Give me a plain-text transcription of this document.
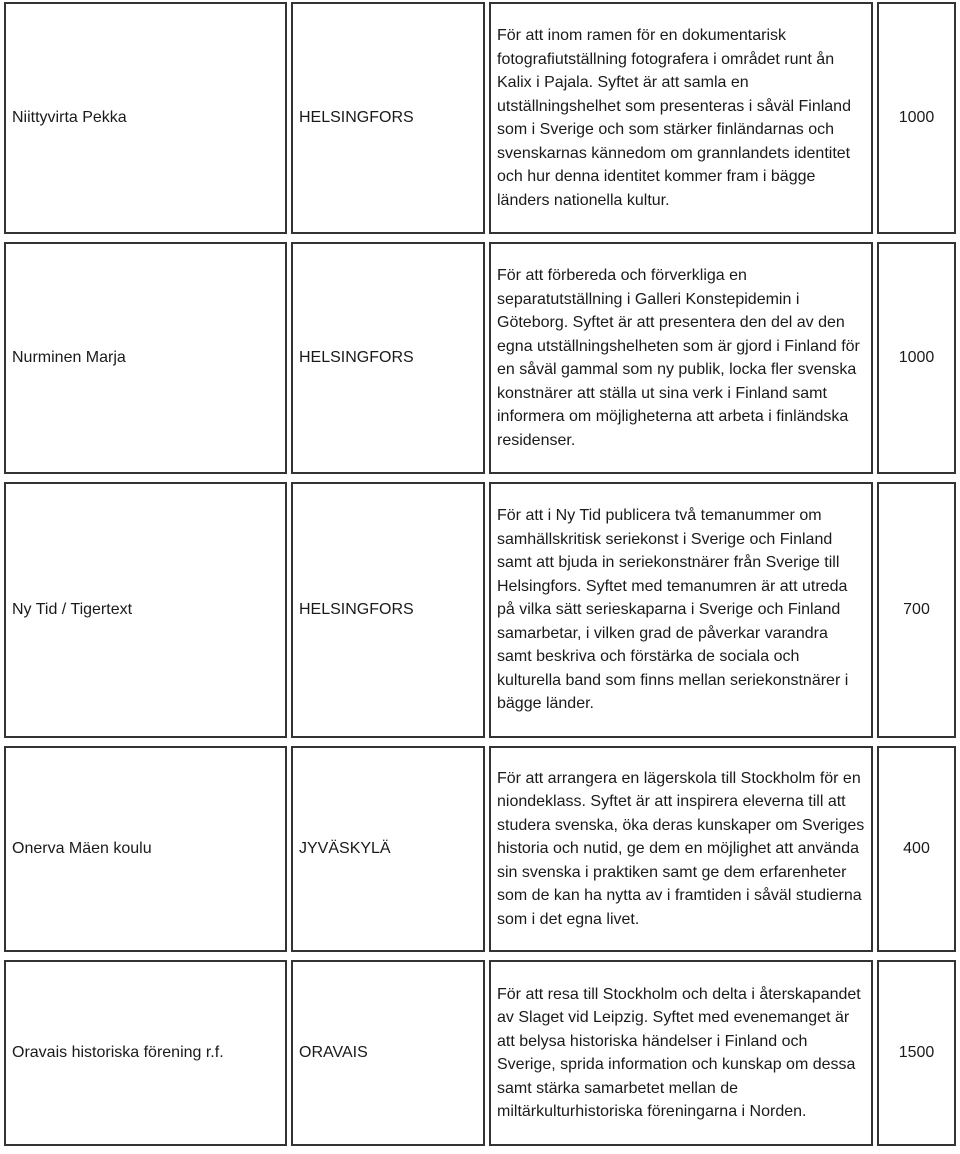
Niittyvirta Pekka	HELSINGFORS	För att inom ramen för en dokumentarisk fotografiutställning fotografera i området runt ån Kalix i Pajala. Syftet är att samla en utställningshelhet som presenteras i såväl Finland som i Sverige och som stärker finländarnas och svenskarnas kännedom om grannlandets identitet och hur denna identitet kommer fram i bägge länders nationella kultur.	1000
Nurminen Marja	HELSINGFORS	För att förbereda och förverkliga en separatutställning i Galleri Konstepidemin i Göteborg. Syftet är att presentera den del av den egna utställningshelheten som är gjord i Finland för en såväl gammal som ny publik, locka fler svenska konstnärer att ställa ut sina verk i Finland samt informera om möjligheterna att arbeta i finländska residenser.	1000
Ny Tid / Tigertext	HELSINGFORS	För att i Ny Tid publicera två temanummer om samhällskritisk seriekonst i Sverige och Finland samt att bjuda in seriekonstnärer från Sverige till Helsingfors. Syftet med temanumren är att utreda på vilka sätt serieskaparna i Sverige och Finland samarbetar, i vilken grad de påverkar varandra samt beskriva och förstärka de sociala och kulturella band som finns mellan seriekonstnärer i bägge länder.	700
Onerva Mäen koulu	JYVÄSKYLÄ	För att arrangera en lägerskola till Stockholm för en niondeklass. Syftet är att inspirera eleverna till att studera svenska, öka deras kunskaper om Sveriges historia och nutid, ge dem en möjlighet att använda sin svenska i praktiken samt ge dem erfarenheter som de kan ha nytta av i framtiden i såväl studierna som i det egna livet.	400
Oravais historiska förening r.f.	ORAVAIS	För att resa till Stockholm och delta i återskapandet av Slaget vid Leipzig. Syftet med evenemanget är att belysa historiska händelser i Finland och Sverige, sprida information och kunskap om dessa samt stärka samarbetet mellan de miltärkulturhistoriska föreningarna i Norden.	1500
